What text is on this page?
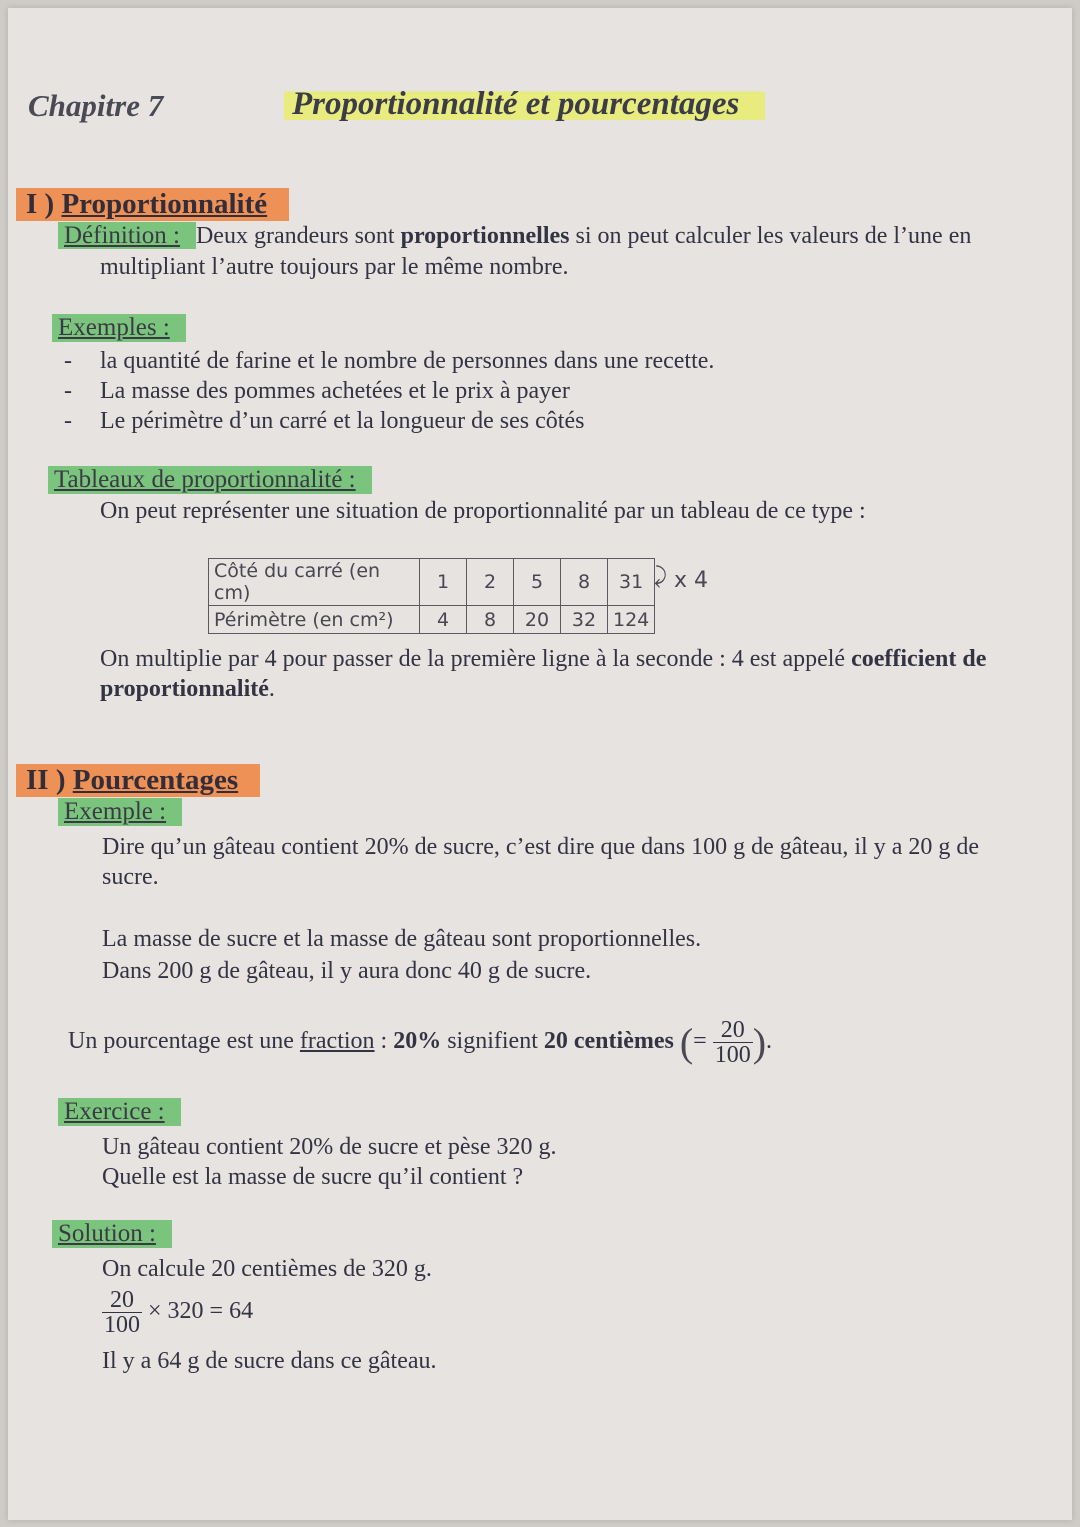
Chapitre 7	Proportionnalité et pourcentages
I ) Proportionnalité
Définition : Deux grandeurs sont proportionnelles si on peut calculer les valeurs de l’une en
multipliant l’autre toujours par le même nombre.
Exemples :
- la quantité de farine et le nombre de personnes dans une recette.
- La masse des pommes achetées et le prix à payer
- Le périmètre d’un carré et la longueur de ses côtés
Tableaux de proportionnalité :
On peut représenter une situation de proportionnalité par un tableau de ce type :
Côté du carré (en cm)	1	2	5	8	31
Périmètre (en cm²)	4	8	20	32	124
⤸ x 4
On multiplie par 4 pour passer de la première ligne à la seconde : 4 est appelé coefficient de
proportionnalité.
II ) Pourcentages
Exemple :
Dire qu’un gâteau contient 20% de sucre, c’est dire que dans 100 g de gâteau, il y a 20 g de
sucre.
La masse de sucre et la masse de gâteau sont proportionnelles.
Dans 200 g de gâteau, il y aura donc 40 g de sucre.
Un pourcentage est une fraction : 20% signifient 20 centièmes (= $\frac{20}{100}$ ).
Exercice :
Un gâteau contient 20% de sucre et pèse 320 g.
Quelle est la masse de sucre qu’il contient ?
Solution :
On calcule 20 centièmes de 320 g.
$\frac{20}{100} \times 320 = 64$
Il y a 64 g de sucre dans ce gâteau.
